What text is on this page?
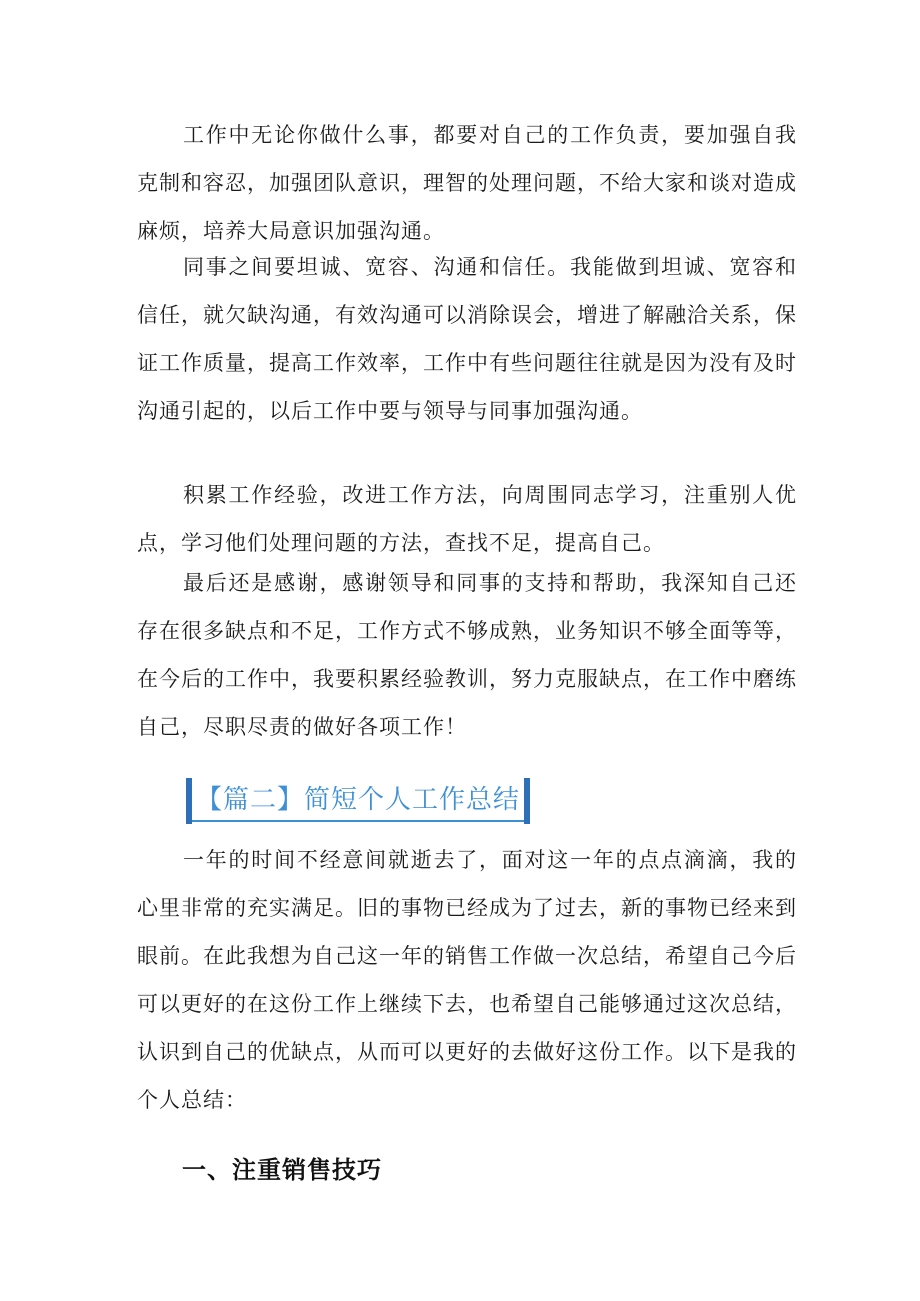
工作中无论你做什么事，都要对自己的工作负责，要加强自我克制和容忍，加强团队意识，理智的处理问题，不给大家和谈对造成麻烦，培养大局意识加强沟通。

同事之间要坦诚、宽容、沟通和信任。我能做到坦诚、宽容和信任，就欠缺沟通，有效沟通可以消除误会，增进了解融洽关系，保证工作质量，提高工作效率，工作中有些问题往往就是因为没有及时沟通引起的，以后工作中要与领导与同事加强沟通。

积累工作经验，改进工作方法，向周围同志学习，注重别人优点，学习他们处理问题的方法，查找不足，提高自己。

最后还是感谢，感谢领导和同事的支持和帮助，我深知自己还存在很多缺点和不足，工作方式不够成熟，业务知识不够全面等等，在今后的工作中，我要积累经验教训，努力克服缺点，在工作中磨练自己，尽职尽责的做好各项工作！

【篇二】简短个人工作总结

一年的时间不经意间就逝去了，面对这一年的点点滴滴，我的心里非常的充实满足。旧的事物已经成为了过去，新的事物已经来到眼前。在此我想为自己这一年的销售工作做一次总结，希望自己今后可以更好的在这份工作上继续下去，也希望自己能够通过这次总结，认识到自己的优缺点，从而可以更好的去做好这份工作。以下是我的个人总结：

一、注重销售技巧
